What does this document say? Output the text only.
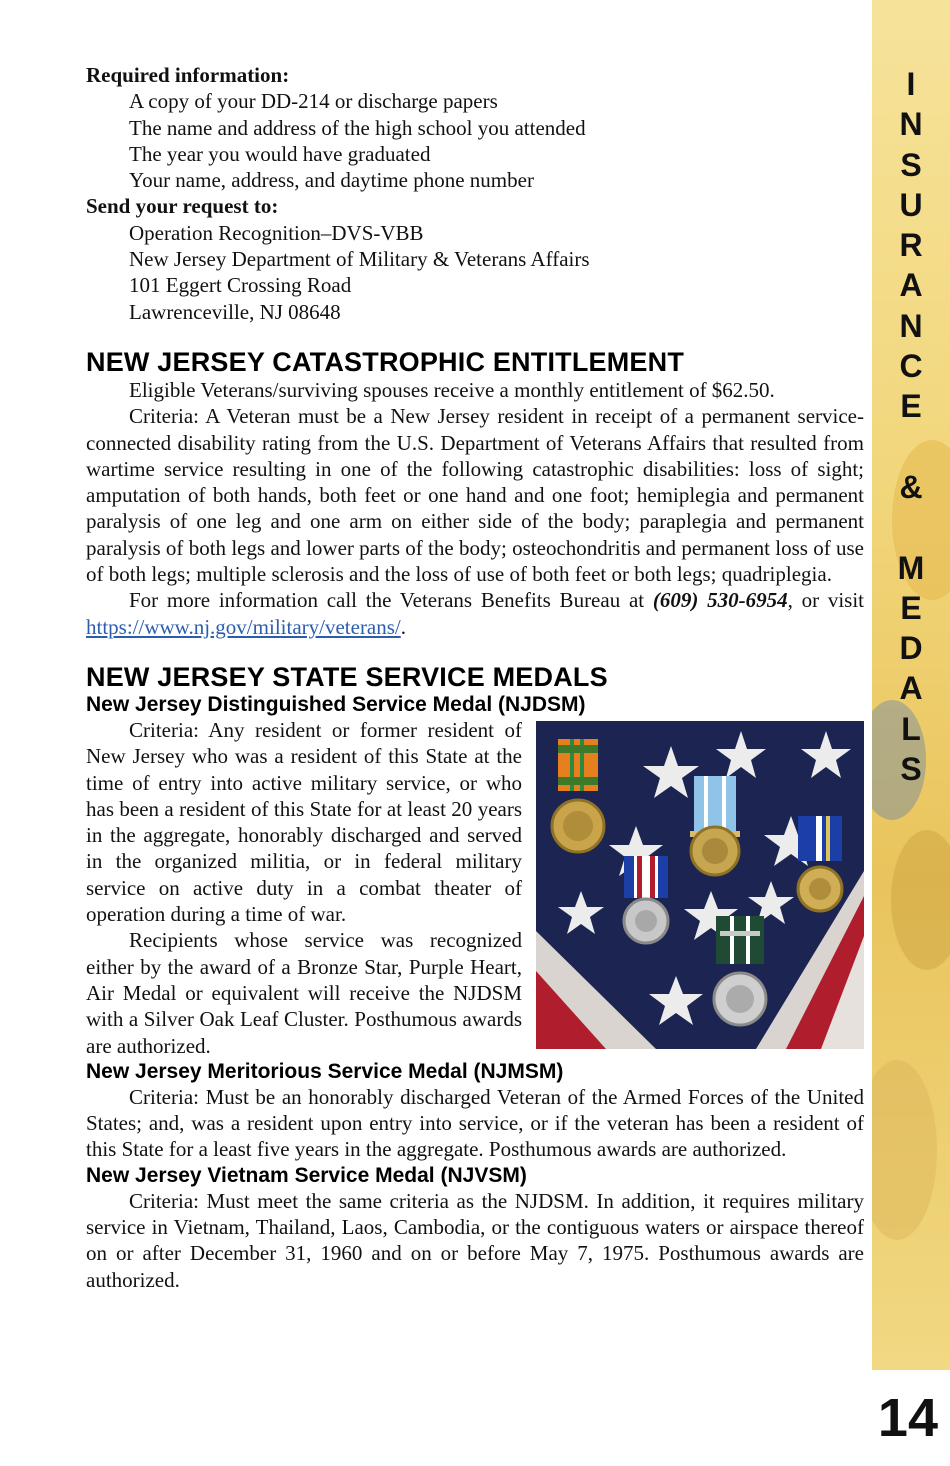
Required information:
A copy of your DD-214 or discharge papers
The name and address of the high school you attended
The year you would have graduated
Your name, address, and daytime phone number
Send your request to:
Operation Recognition–DVS-VBB
New Jersey Department of Military & Veterans Affairs
101 Eggert Crossing Road
Lawrenceville, NJ 08648
NEW JERSEY CATASTROPHIC ENTITLEMENT
Eligible Veterans/surviving spouses receive a monthly entitlement of $62.50.
Criteria: A Veteran must be a New Jersey resident in receipt of a permanent service-connected disability rating from the U.S. Department of Veterans Affairs that resulted from wartime service resulting in one of the following catastrophic disabilities: loss of sight; amputation of both hands, both feet or one hand and one foot; hemiplegia and permanent paralysis of one leg and one arm on either side of the body; paraplegia and permanent paralysis of both legs and lower parts of the body; osteochondritis and permanent loss of use of both legs; multiple sclerosis and the loss of use of both feet or both legs; quadriplegia.
For more information call the Veterans Benefits Bureau at (609) 530-6954, or visit https://www.nj.gov/military/veterans/.
NEW JERSEY STATE SERVICE MEDALS
New Jersey Distinguished Service Medal (NJDSM)
Criteria: Any resident or former resident of New Jersey who was a resident of this State at the time of entry into active military service, or who has been a resident of this State for at least 20 years in the aggregate, honorably discharged and served in the organized militia, or in federal military service on active duty in a combat theater of operation during a time of war.
Recipients whose service was recognized either by the award of a Bronze Star, Purple Heart, Air Medal or equivalent will receive the NJDSM with a Silver Oak Leaf Cluster. Posthumous awards are authorized.
New Jersey Meritorious Service Medal (NJMSM)
Criteria: Must be an honorably discharged Veteran of the Armed Forces of the United States; and, was a resident upon entry into service, or if the veteran has been a resident of this State for a least five years in the aggregate. Posthumous awards are authorized.
New Jersey Vietnam Service Medal (NJVSM)
Criteria: Must meet the same criteria as the NJDSM. In addition, it requires military service in Vietnam, Thailand, Laos, Cambodia, or the contiguous waters or airspace thereof on or after December 31, 1960 and on or before May 7, 1975. Posthumous awards are authorized.
I
N
S
U
R
A
N
C
E
&
M
E
D
A
L
S
14
